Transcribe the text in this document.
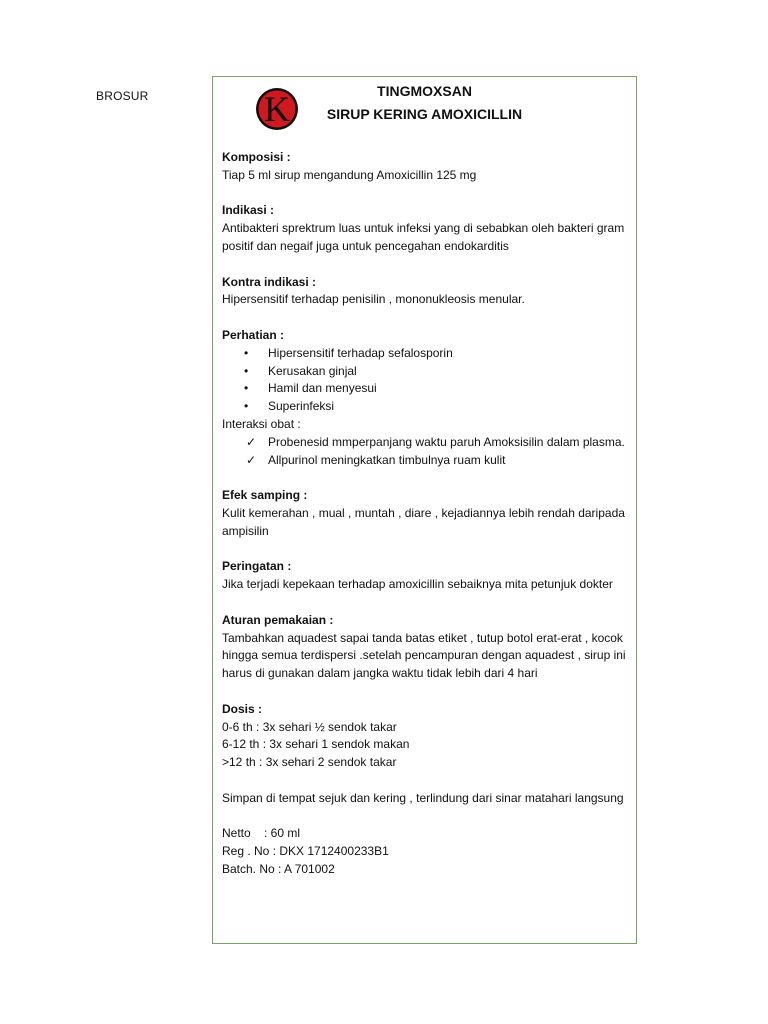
BROSUR	K	TINGMOXSAN
SIRUP KERING AMOXICILLIN
Komposisi :
Tiap 5 ml sirup mengandung Amoxicillin 125 mg
Indikasi :
Antibakteri sprektrum luas untuk infeksi yang di sebabkan oleh bakteri gram positif dan negaif juga untuk pencegahan endokarditis
Kontra indikasi :
Hipersensitif terhadap penisilin , mononukleosis menular.
Perhatian :
• Hipersensitif terhadap sefalosporin
• Kerusakan ginjal
• Hamil dan menyesui
• Superinfeksi
Interaksi obat :
✓ Probenesid mmperpanjang waktu paruh Amoksisilin dalam plasma.
✓ Allpurinol meningkatkan timbulnya ruam kulit
Efek samping :
Kulit kemerahan , mual , muntah , diare , kejadiannya lebih rendah daripada ampisilin
Peringatan :
Jika terjadi kepekaan terhadap amoxicillin sebaiknya mita petunjuk dokter
Aturan pemakaian :
Tambahkan aquadest sapai tanda batas etiket , tutup botol erat-erat , kocok hingga semua terdispersi .setelah pencampuran dengan aquadest , sirup ini harus di gunakan dalam jangka waktu tidak lebih dari 4 hari
Dosis :
0-6 th : 3x sehari ½ sendok takar
6-12 th : 3x sehari 1 sendok makan
>12 th : 3x sehari 2 sendok takar
Simpan di tempat sejuk dan kering , terlindung dari sinar matahari langsung
Netto    : 60 ml
Reg . No : DKX 1712400233B1
Batch. No : A 701002
